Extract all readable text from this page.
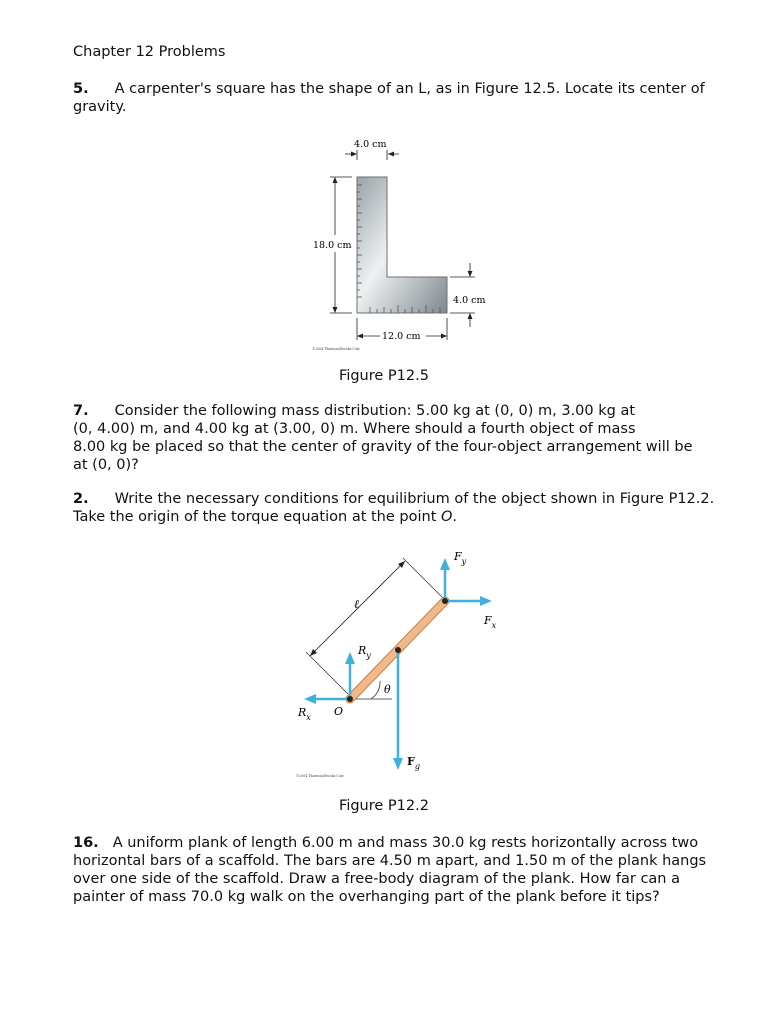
Chapter 12 Problems
5. A carpenter's square has the shape of an L, as in Figure 12.5. Locate its center of gravity.
4.0 cm
18.0 cm
4.0 cm
12.0 cm
©2004 Thomson/Brooks Cole
Figure P12.5
7. Consider the following mass distribution: 5.00 kg at (0, 0) m, 3.00 kg at
(0, 4.00) m, and 4.00 kg at (3.00, 0) m. Where should a fourth object of mass
8.00 kg be placed so that the center of gravity of the four-object arrangement will be
at (0, 0)?
2. Write the necessary conditions for equilibrium of the object shown in Figure P12.2. Take the origin of the torque equation at the point O.
ℓ
θ
$F_y$
$F_x$
$R_y$
$R_x$ O
$F_g$
©2004 Thomson/Brooks Cole
Figure P12.2
16. A uniform plank of length 6.00 m and mass 30.0 kg rests horizontally across two horizontal bars of a scaffold. The bars are 4.50 m apart, and 1.50 m of the plank hangs over one side of the scaffold. Draw a free-body diagram of the plank. How far can a painter of mass 70.0 kg walk on the overhanging part of the plank before it tips?
